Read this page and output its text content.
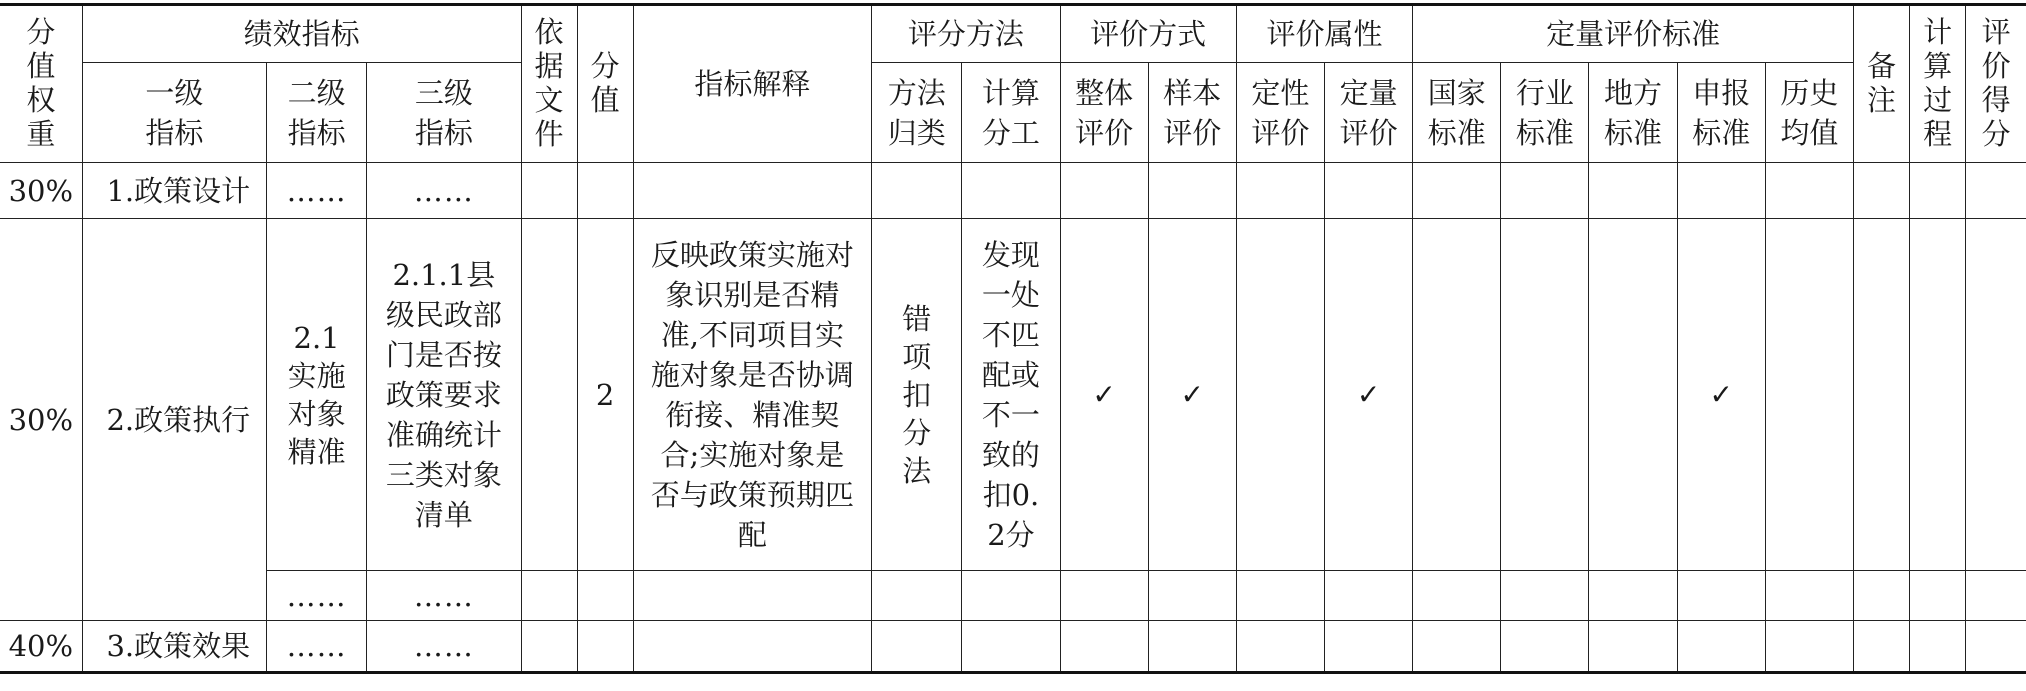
分值权重	绩效指标			依据文件	分值	指标解释	评分方法		评价方式		评价属性		定量评价标准					备注	计算过程	评价得分

	一级指标	二级指标	三级指标				方法归类	计算分工	整体评价	样本评价	定性评价	定量评价	国家标准	行业标准	地方标准	申报标准	历史均值			

30%	1.政策设计	……	……																	
30%	2.政策执行	2.1实施对象精准	2.1.1县级民政部门是否按政策要求准确统计三类对象清单		2	反映政策实施对象识别是否精准,不同项目实施对象是否协调衔接、精准契合;实施对象是否与政策预期匹配	错项扣分法	发现一处不匹配或不一致的扣0.2分	✓	✓		✓				✓				
		……	……																	
40%	3.政策效果	……	……																	
